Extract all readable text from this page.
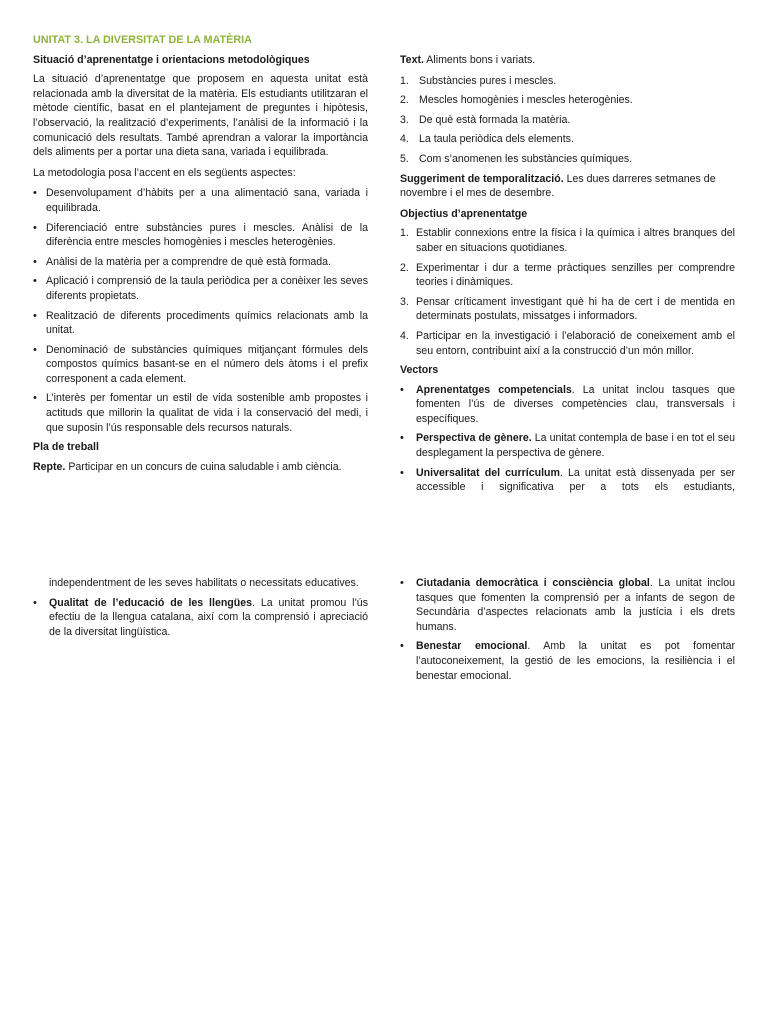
UNITAT 3. LA DIVERSITAT DE LA MATÈRIA
Situació d’aprenentatge i orientacions metodològiques

La situació d’aprenentatge que proposem en aquesta unitat està relacionada amb la diversitat de la matèria. Els estudiants utilitzaran el mètode científic, basat en el plantejament de preguntes i hipòtesis, l’observació, la realització d’experiments, l’anàlisi de la informació i la comunicació dels resultats. També aprendran a valorar la importància dels aliments per a portar una dieta sana, variada i equilibrada.

La metodologia posa l’accent en els següents aspectes:

• Desenvolupament d’hàbits per a una alimentació sana, variada i equilibrada.
• Diferenciació entre substàncies pures i mescles. Anàlisi de la diferència entre mescles homogènies i mescles heterogènies.
• Anàlisi de la matèria per a comprendre de què està formada.
• Aplicació i comprensió de la taula periòdica per a conèixer les seves diferents propietats.
• Realització de diferents procediments químics relacionats amb la unitat.
• Denominació de substàncies químiques mitjançant fórmules dels compostos químics basant-se en el número dels àtoms i el prefix corresponent a cada element.
• L’interès per fomentar un estil de vida sostenible amb propostes i actituds que millorin la qualitat de vida i la conservació del medi, i que suposin l’ús responsable dels recursos naturals.
Pla de treball

Repte. Participar en un concurs de cuina saludable i amb ciència.

Text. Aliments bons i variats.

1. Substàncies pures i mescles.
2. Mescles homogènies i mescles heterogènies.
3. De què està formada la matèria.
4. La taula periòdica dels elements.
5. Com s’anomenen les substàncies químiques.

Suggeriment de temporalització. Les dues darreres setmanes de novembre i el mes de desembre.

Objectius d’aprenentatge
1. Establir connexions entre la física i la química i altres branques del saber en situacions quotidianes.
2. Experimentar i dur a terme pràctiques senzilles per comprendre teories i dinàmiques.
3. Pensar críticament investigant què hi ha de cert i de mentida en determinats postulats, missatges i informadors.
4. Participar en la investigació i l’elaboració de coneixement amb el seu entorn, contribuint així a la construcció d’un món millor.
Vectors
• Aprenentatges competencials. La unitat inclou tasques que fomenten l’ús de diverses competències clau, transversals i específiques.
• Perspectiva de gènere. La unitat contempla de base i en tot el seu desplegament la perspectiva de gènere.
• Universalitat del currículum. La unitat està dissenyada per ser accessible i significativa per a tots els estudiants,
independentment de les seves habilitats o necessitats educatives.
• Qualitat de l’educació de les llengües. La unitat promou l’ús efectiu de la llengua catalana, així com la comprensió i apreciació de la diversitat lingüística.
• Ciutadania democràtica i consciència global. La unitat inclou tasques que fomenten la comprensió per a infants de segon de Secundària d’aspectes relacionats amb la justícia i els drets humans.
• Benestar emocional. Amb la unitat es pot fomentar l’autoconeixement, la gestió de les emocions, la resiliència i el benestar emocional.
